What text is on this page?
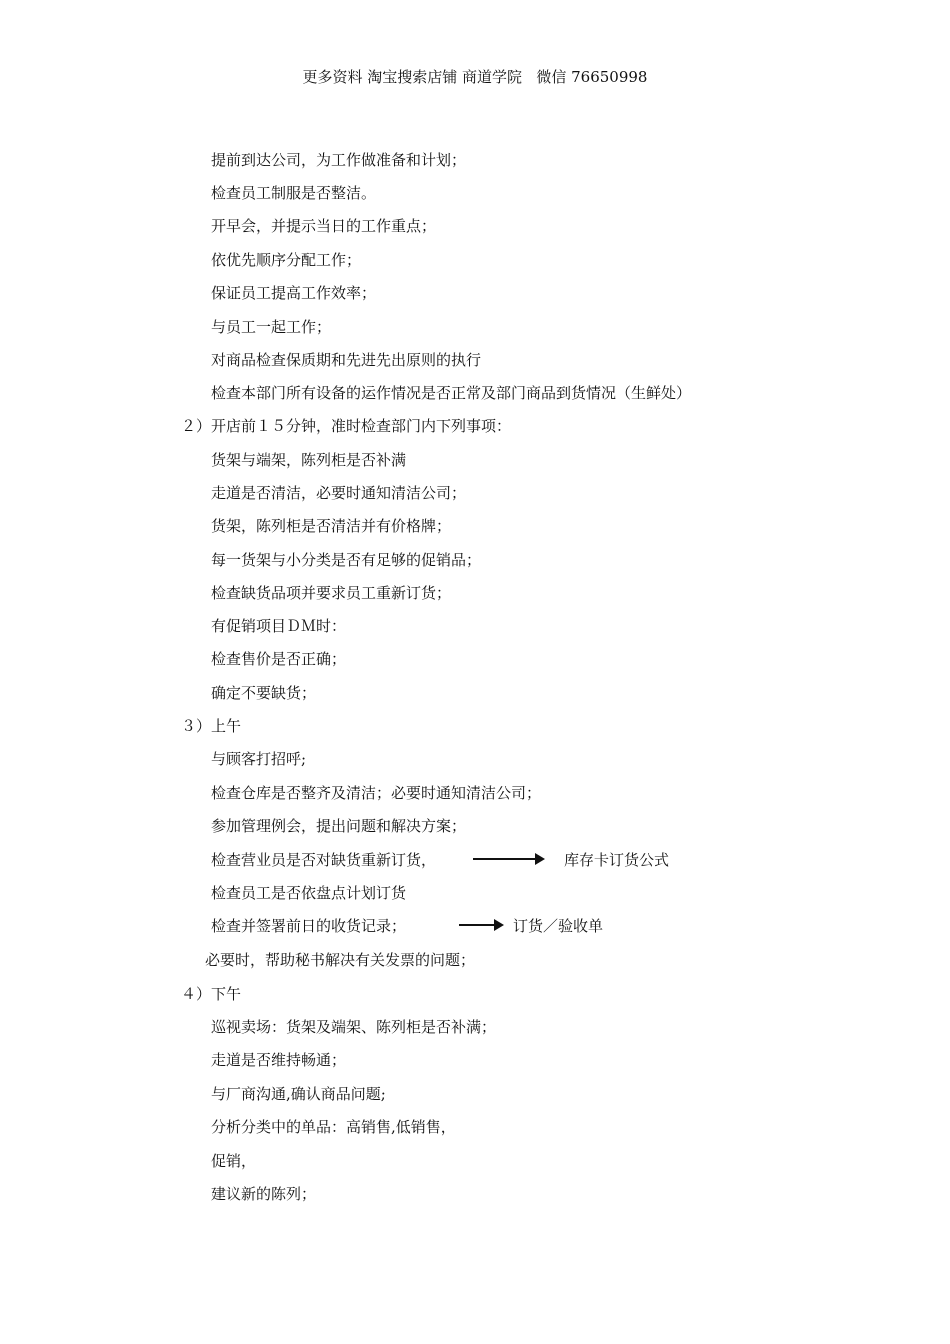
更多资料 淘宝搜索店铺 商道学院   微信 76650998
提前到达公司，为工作做准备和计划；
检查员工制服是否整洁。
开早会，并提示当日的工作重点；
依优先顺序分配工作；
保证员工提高工作效率；
与员工一起工作；
对商品检查保质期和先进先出原则的执行
检查本部门所有设备的运作情况是否正常及部门商品到货情况（生鲜处）
２） 开店前１５分钟，准时检查部门内下列事项：
货架与端架，陈列柜是否补满
走道是否清洁，必要时通知清洁公司；
货架，陈列柜是否清洁并有价格牌；
每一货架与小分类是否有足够的促销品；
检查缺货品项并要求员工重新订货；
有促销项目ＤＭ时：
检查售价是否正确；
确定不要缺货；
３） 上午
与顾客打招呼;
检查仓库是否整齐及清洁；必要时通知清洁公司；
参加管理例会，提出问题和解决方案；
检查营业员是否对缺货重新订货，	库存卡订货公式
检查员工是否依盘点计划订货
检查并签署前日的收货记录；	订货／验收单
必要时，帮助秘书解决有关发票的问题；
４） 下午
巡视卖场：货架及端架、陈列柜是否补满；
走道是否维持畅通；
与厂商沟通,确认商品问题;
分析分类中的单品：高销售,低销售，
促销，
建议新的陈列；
